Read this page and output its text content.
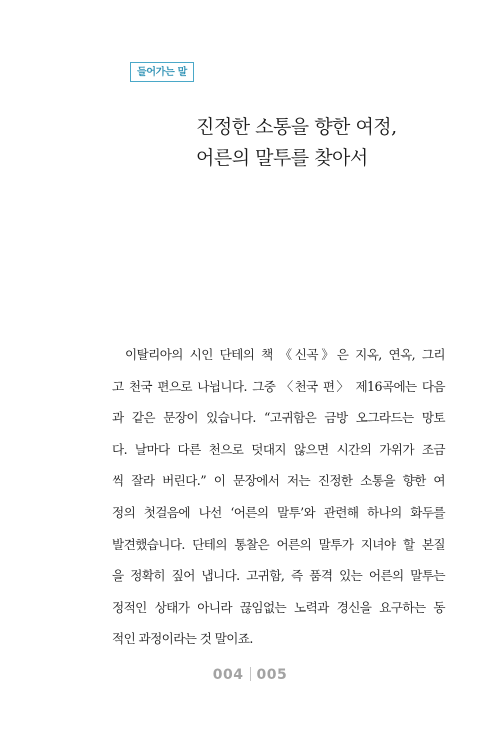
들어가는 말
진정한 소통을 향한 여정,
어른의 말투를 찾아서

이탈리아의 시인 단테의 책 《신곡》은 지옥, 연옥, 그리
고 천국 편으로 나뉩니다. 그중 〈천국 편〉 제16곡에는 다음
과 같은 문장이 있습니다. “고귀함은 금방 오그라드는 망토
다. 날마다 다른 천으로 덧대지 않으면 시간의 가위가 조금
씩 잘라 버린다.” 이 문장에서 저는 진정한 소통을 향한 여
정의 첫걸음에 나선 ‘어른의 말투’와 관련해 하나의 화두를
발견했습니다. 단테의 통찰은 어른의 말투가 지녀야 할 본질
을 정확히 짚어 냅니다. 고귀함, 즉 품격 있는 어른의 말투는
정적인 상태가 아니라 끊임없는 노력과 경신을 요구하는 동
적인 과정이라는 것 말이죠.

004 005
